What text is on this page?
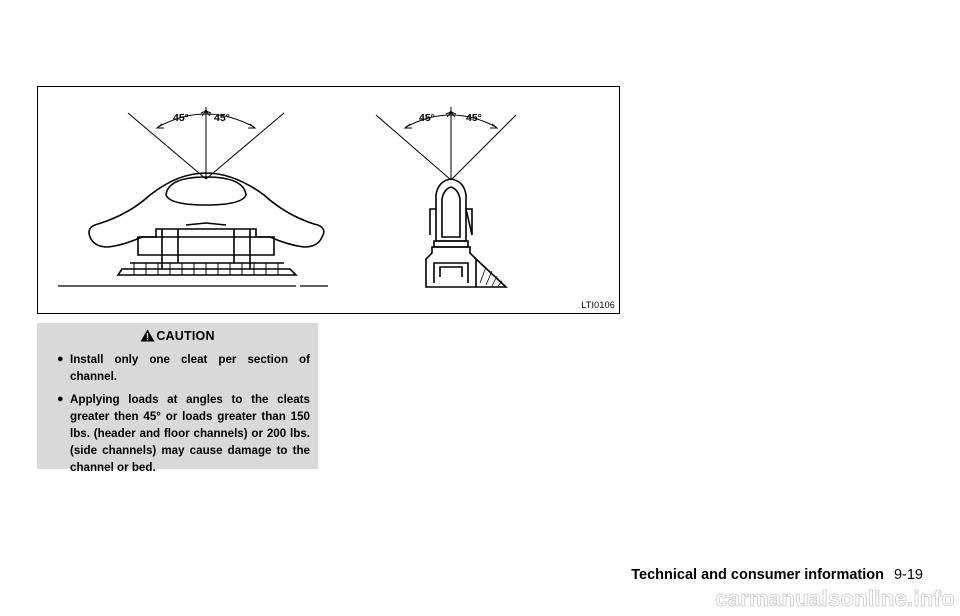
45° 45°	45°	45°
LTI0106
CAUTION
● Install only one cleat per section of channel.
● Applying loads at angles to the cleats greater then 45° or loads greater than 150 lbs. (header and floor channels) or 200 lbs. (side channels) may cause damage to the channel or bed.
Technical and consumer information 9-19
carmanualsonline.info
